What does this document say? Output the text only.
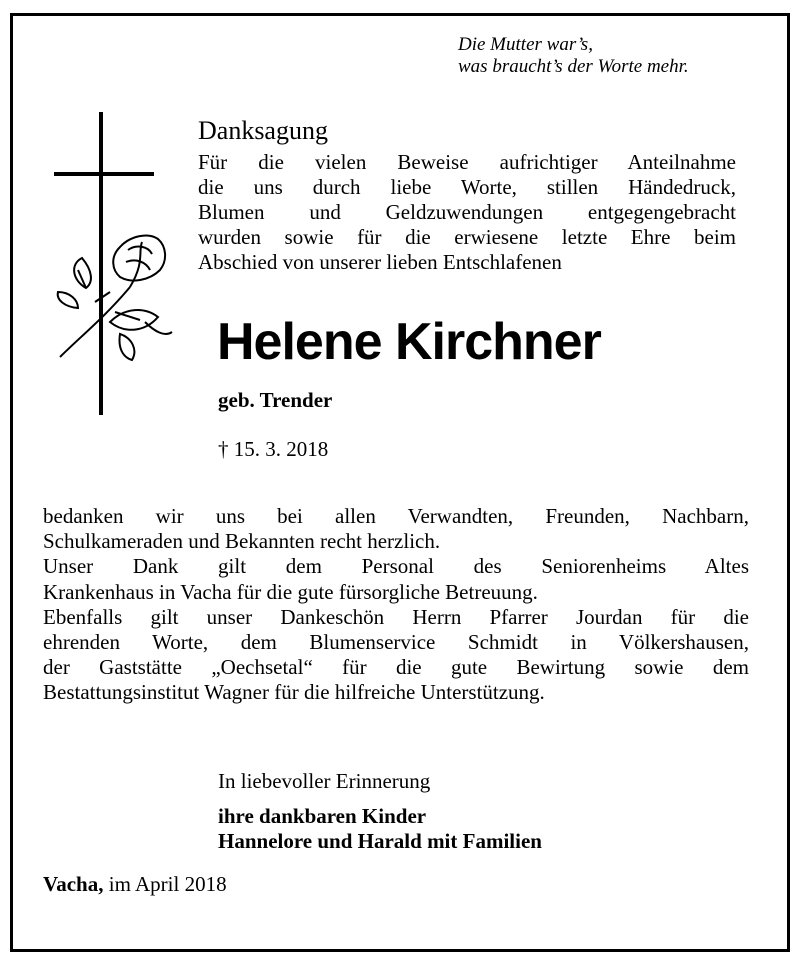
Die Mutter war’s,
was braucht’s der Worte mehr.
Danksagung
Für die vielen Beweise aufrichtiger Anteilnahme
die uns durch liebe Worte, stillen Händedruck,
Blumen und Geldzuwendungen entgegengebracht
wurden sowie für die erwiesene letzte Ehre beim
Abschied von unserer lieben Entschlafenen
Helene Kirchner
geb. Trender
† 15. 3. 2018
bedanken wir uns bei allen Verwandten, Freunden, Nachbarn,
Schulkameraden und Bekannten recht herzlich.
Unser Dank gilt dem Personal des Seniorenheims Altes
Krankenhaus in Vacha für die gute fürsorgliche Betreuung.
Ebenfalls gilt unser Dankeschön Herrn Pfarrer Jourdan für die
ehrenden Worte, dem Blumenservice Schmidt in Völkershausen,
der Gaststätte „Oechsetal“ für die gute Bewirtung sowie dem
Bestattungsinstitut Wagner für die hilfreiche Unterstützung.
In liebevoller Erinnerung
ihre dankbaren Kinder
Hannelore und Harald mit Familien
Vacha, im April 2018
